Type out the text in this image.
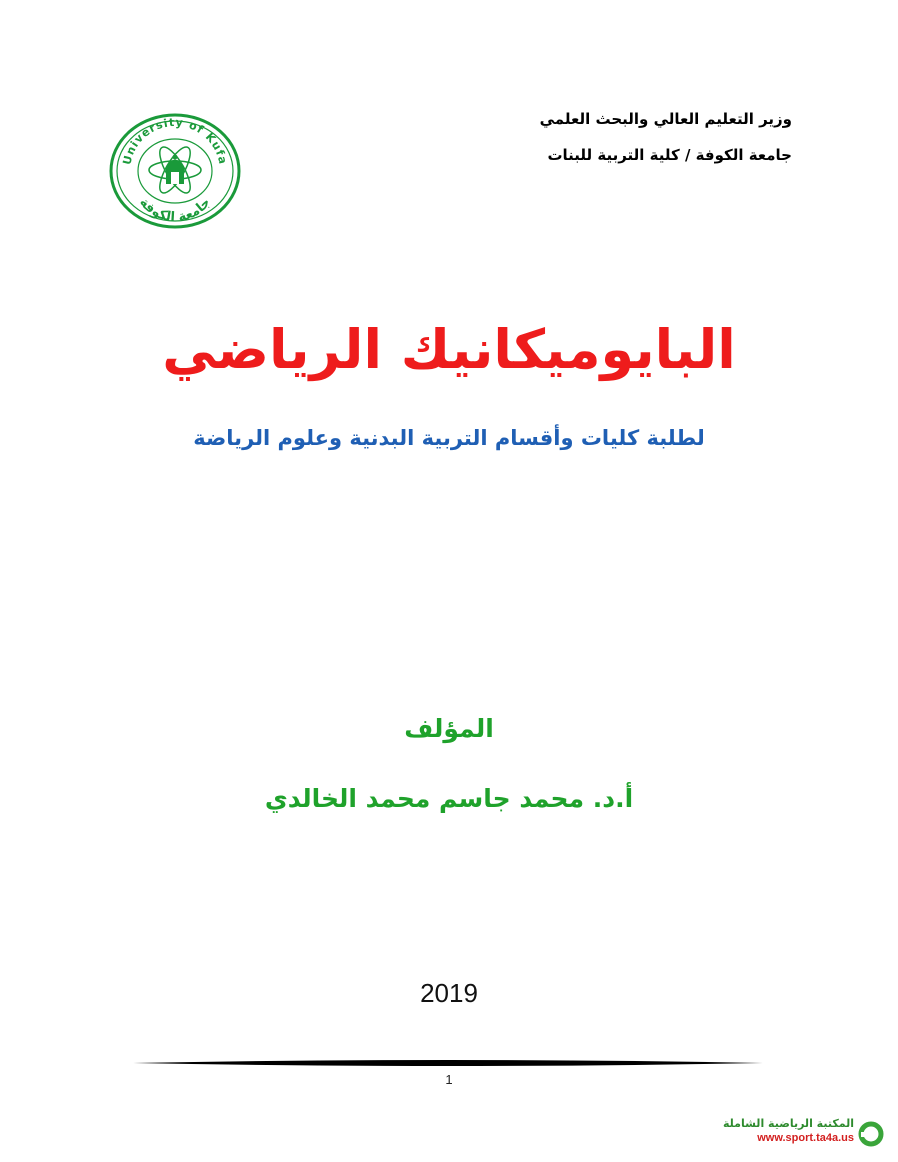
وزير التعليم العالي والبحث العلمي
جامعة الكوفة / كلية التربية للبنات
University of Kufa
جامعة الكوفة
البايوميكانيك الرياضي
لطلبة كليات وأقسام التربية البدنية وعلوم الرياضة
المؤلف
أ.د. محمد جاسم محمد الخالدي
2019
1
المكتبة الرياضية الشاملة
www.sport.ta4a.us
